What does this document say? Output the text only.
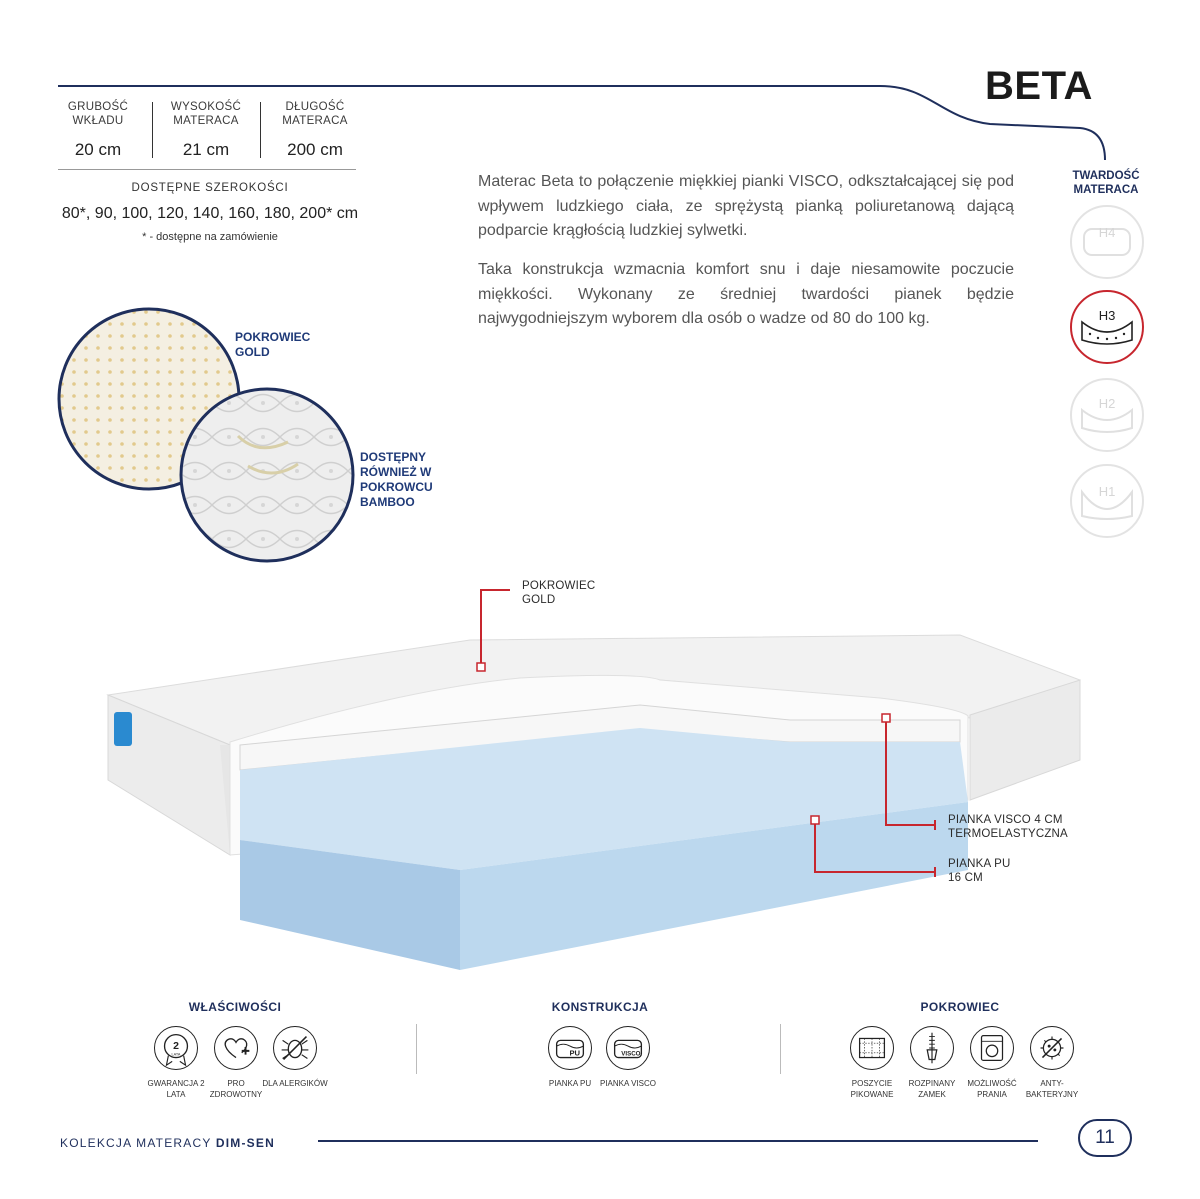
BETA
GRUBOŚĆ WKŁADU
20 cm
WYSOKOŚĆ MATERACA
21 cm
DŁUGOŚĆ MATERACA
200 cm
DOSTĘPNE SZEROKOŚCI
80*, 90, 100, 120, 140, 160, 180, 200* cm
* - dostępne na zamówienie
Materac Beta to połączenie miękkiej pianki VISCO, odkształcającej się pod wpływem ludzkiego ciała, ze sprężystą pianką poliuretanową dającą podparcie krągłością ludzkiej sylwetki.
Taka konstrukcja wzmacnia komfort snu i daje niesamowite poczucie miękkości. Wykonany ze średniej twardości pianek będzie najwygodniejszym wyborem dla osób o wadze od 80 do 100 kg.
POKROWIEC GOLD
DOSTĘPNY RÓWNIEŻ W POKROWCU BAMBOO
TWARDOŚĆ MATERACA
H4
H3
H2
H1
POKROWIEC GOLD
PIANKA VISCO 4 CM TERMOELASTYCZNA
PIANKA PU 16 CM
WŁAŚCIWOŚCI	KONSTRUKCJA	POKROWIEC
2
LATA
GWARANCJA 2 LATA
PRO ZDROWOTNY
DLA ALERGIKÓW
PU
PIANKA PU
VISCO
PIANKA VISCO	POSZYCIE PIKOWANE
ROZPINANY ZAMEK
MOŻLIWOŚĆ PRANIA
ANTY-BAKTERYJNY
KOLEKCJA MATERACY DIM-SEN	11
